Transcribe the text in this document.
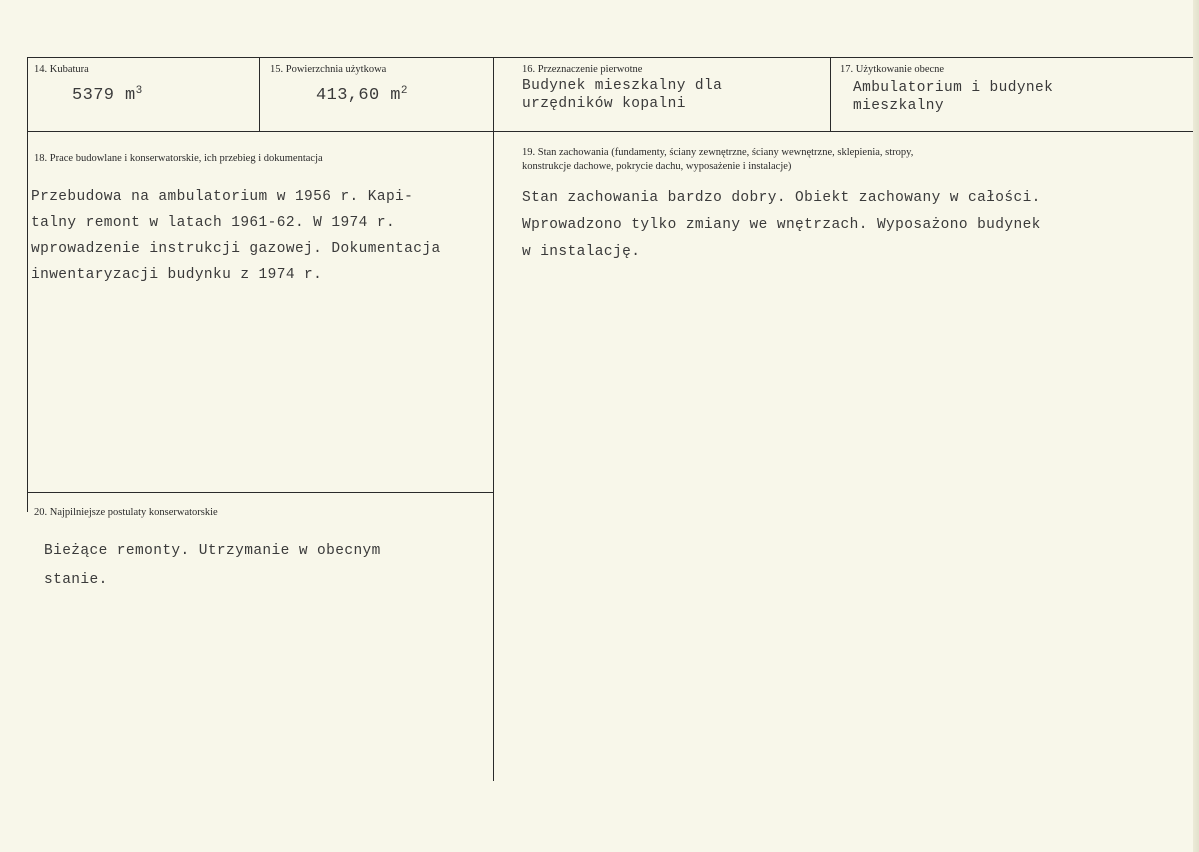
14. Kubatura
5379 $m^3$
15. Powierzchnia użytkowa
413,60 $m^2$
16. Przeznaczenie pierwotne
Budynek mieszkalny dla
urzędników kopalni
17. Użytkowanie obecne
Ambulatorium i budynek
mieszkalny
18. Prace budowlane i konserwatorskie, ich przebieg i dokumentacja
Przebudowa na ambulatorium w 1956 r. Kapi-
talny remont w latach 1961-62. W 1974 r.
wprowadzenie instrukcji gazowej. Dokumentacja
inwentaryzacji budynku z 1974 r.
19. Stan zachowania (fundamenty, ściany zewnętrzne, ściany wewnętrzne, sklepienia, stropy,
konstrukcje dachowe, pokrycie dachu, wyposażenie i instalacje)
Stan zachowania bardzo dobry. Obiekt zachowany w całości.
Wprowadzono tylko zmiany we wnętrzach. Wyposażono budynek
w instalację.
20. Najpilniejsze postulaty konserwatorskie
Bieżące remonty. Utrzymanie w obecnym
stanie.
